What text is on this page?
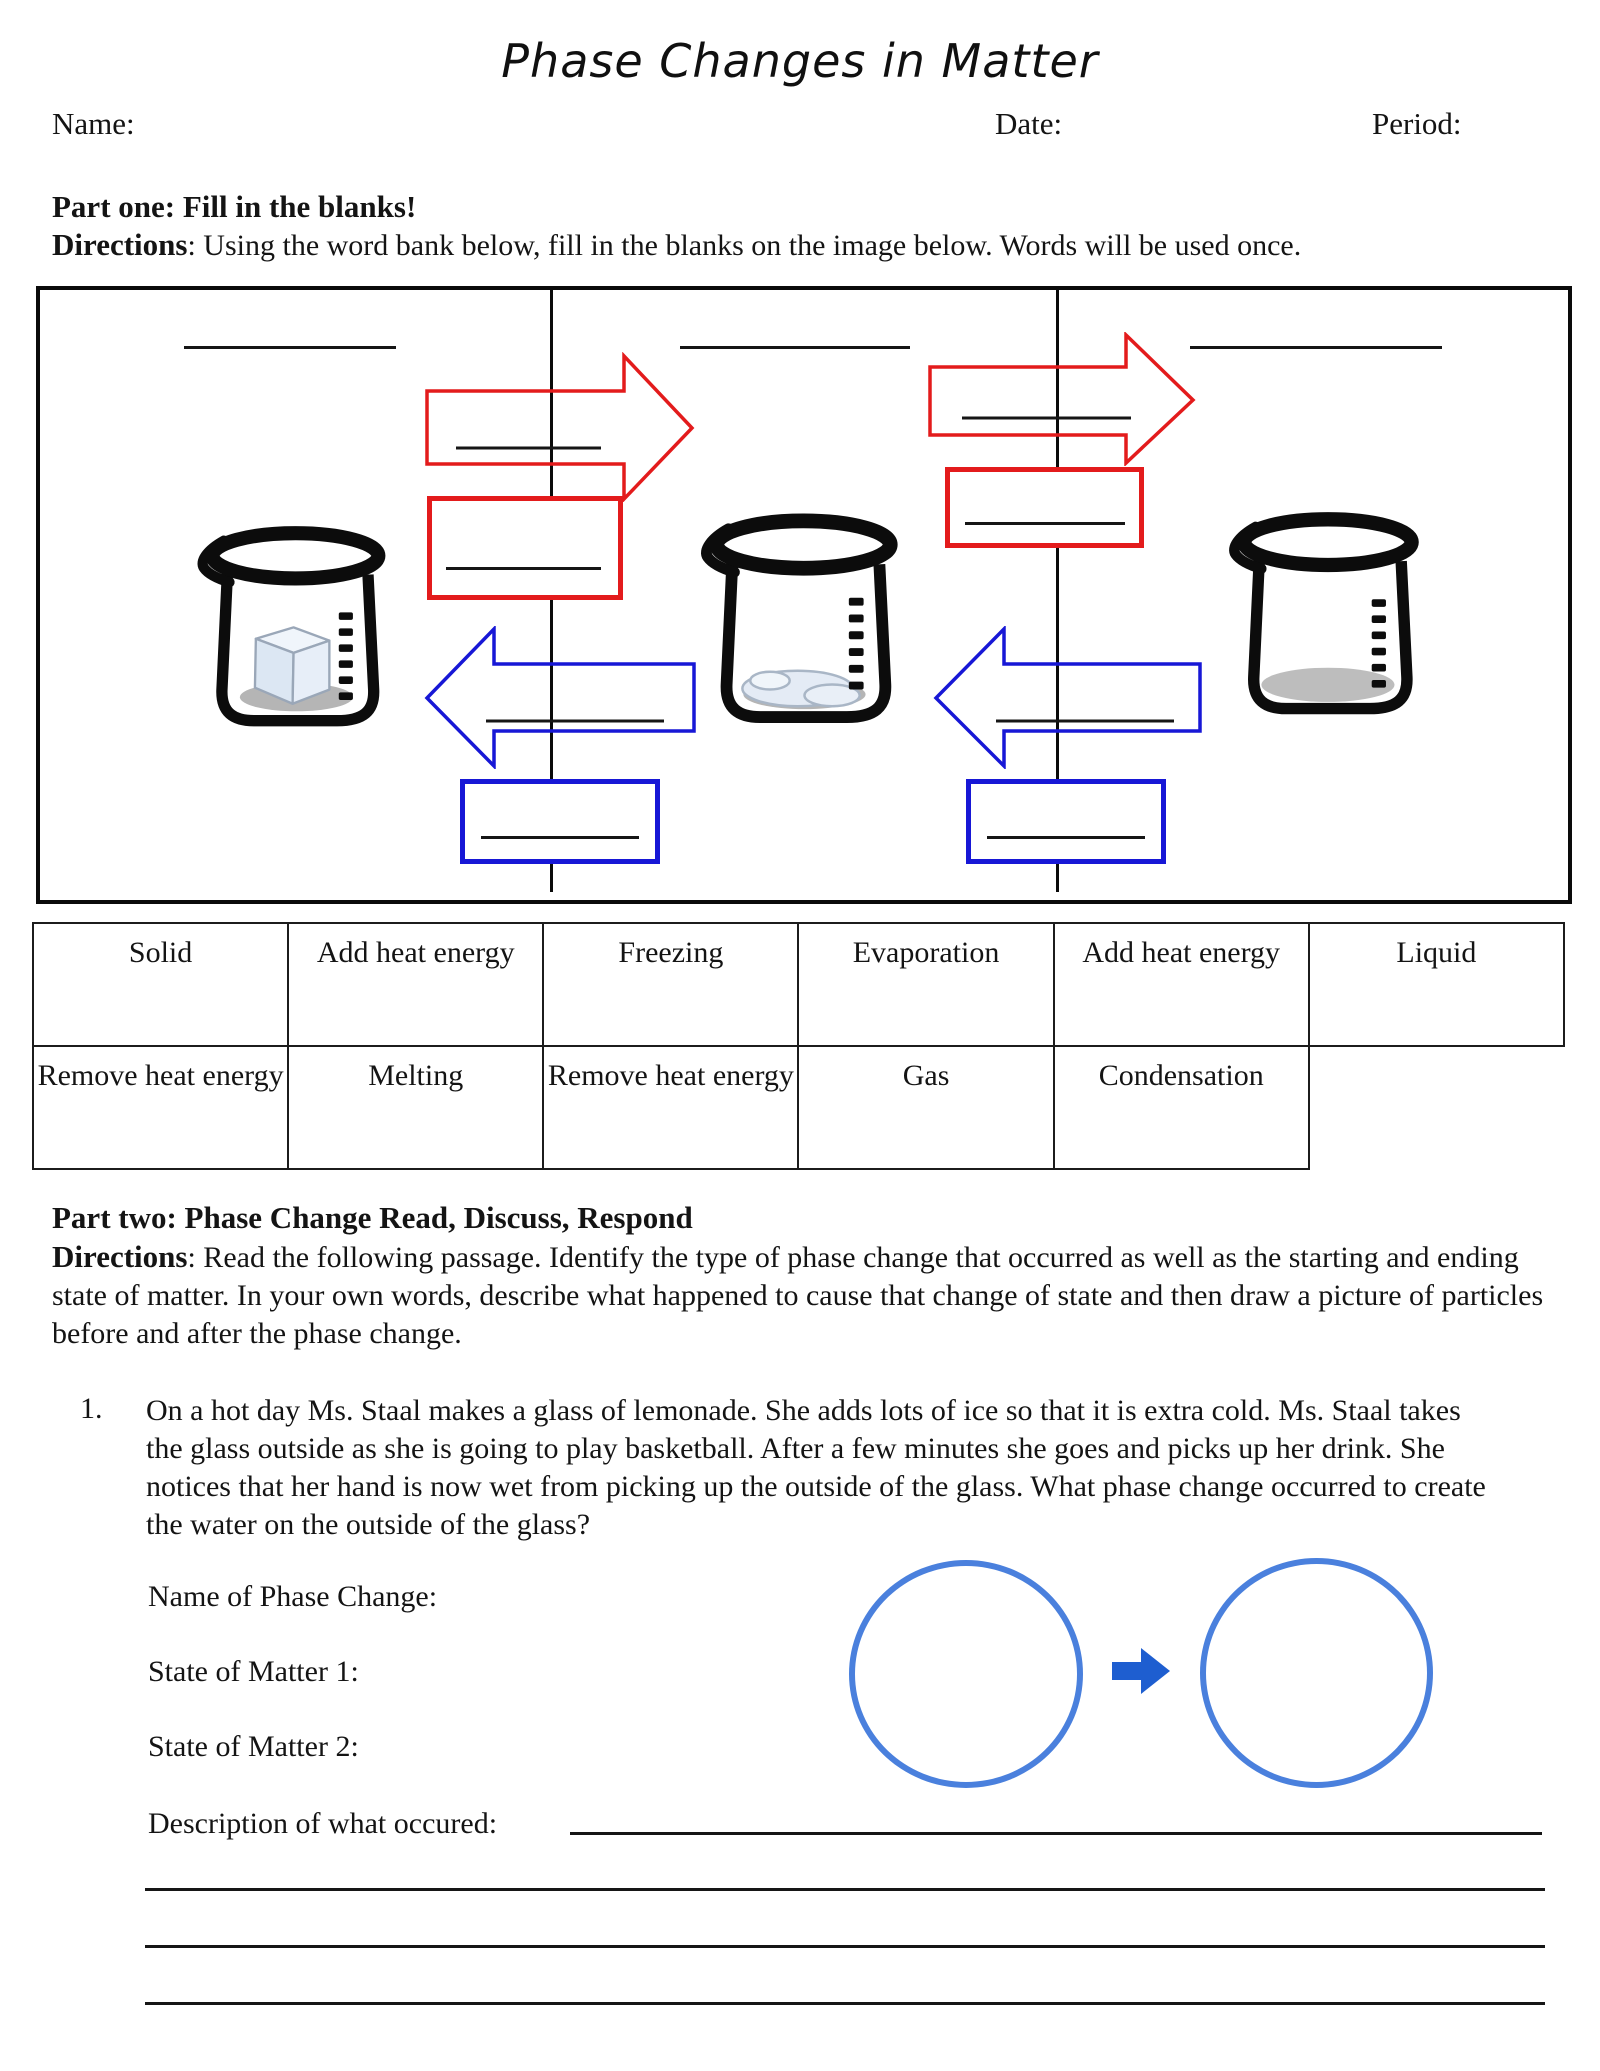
Phase Changes in Matter
Name:	Date:	Period:
Part one: Fill in the blanks!
Directions: Using the word bank below, fill in the blanks on the image below. Words will be used once.
Solid	Add heat energy	Freezing	Evaporation	Add heat energy	Liquid
Remove heat energy	Melting	Remove heat energy	Gas	Condensation	
Part two: Phase Change Read, Discuss, Respond
Directions: Read the following passage. Identify the type of phase change that occurred as well as the starting and ending state of matter. In your own words, describe what happened to cause that change of state and then draw a picture of particles before and after the phase change.
1. On a hot day Ms. Staal makes a glass of lemonade. She adds lots of ice so that it is extra cold. Ms. Staal takes the glass outside as she is going to play basketball. After a few minutes she goes and picks up her drink. She notices that her hand is now wet from picking up the outside of the glass. What phase change occurred to create the water on the outside of the glass?
Name of Phase Change:
State of Matter 1:
State of Matter 2:
Description of what occured:
